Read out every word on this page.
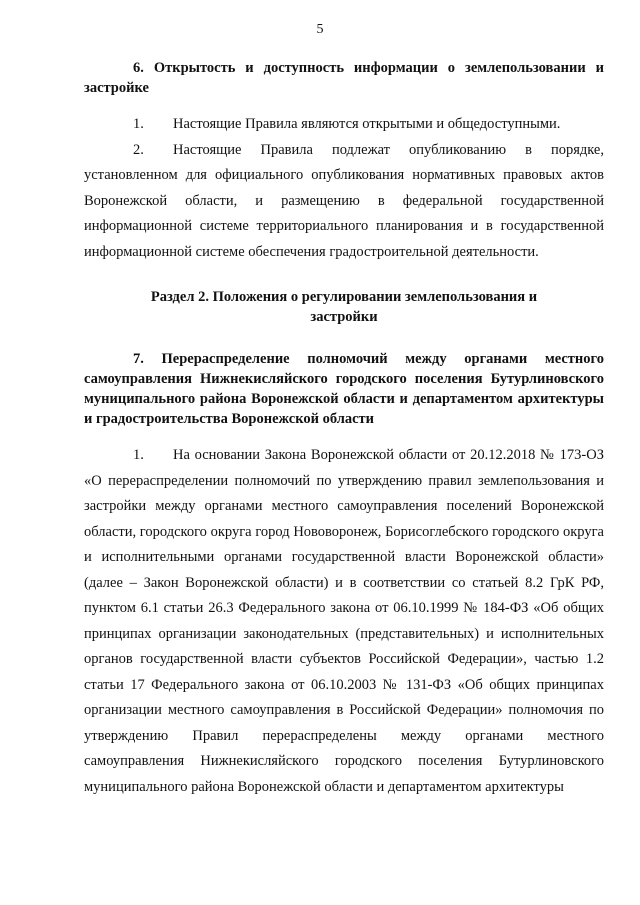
5

6. Открытость и доступность информации о землепользовании и застройке

1. Настоящие Правила являются открытыми и общедоступными.

2. Настоящие Правила подлежат опубликованию в порядке, установленном для официального опубликования нормативных правовых актов Воронежской области, и размещению в федеральной государственной информационной системе территориального планирования и в государственной информационной системе обеспечения градостроительной деятельности.

Раздел 2. Положения о регулировании землепользования и застройки

7. Перераспределение полномочий между органами местного самоуправления Нижнекисляйского городского поселения Бутурлиновского муниципального района Воронежской области и департаментом архитектуры и градостроительства Воронежской области

1. На основании Закона Воронежской области от 20.12.2018 № 173-ОЗ «О перераспределении полномочий по утверждению правил землепользования и застройки между органами местного самоуправления поселений Воронежской области, городского округа город Нововоронеж, Борисоглебского городского округа и исполнительными органами государственной власти Воронежской области» (далее – Закон Воронежской области) и в соответствии со статьей 8.2 ГрК РФ, пунктом 6.1 статьи 26.3 Федерального закона от 06.10.1999 № 184-ФЗ «Об общих принципах организации законодательных (представительных) и исполнительных органов государственной власти субъектов Российской Федерации», частью 1.2 статьи 17 Федерального закона от 06.10.2003 № 131-ФЗ «Об общих принципах организации местного самоуправления в Российской Федерации» полномочия по утверждению Правил перераспределены между органами местного самоуправления Нижнекисляйского городского поселения Бутурлиновского муниципального района Воронежской области и департаментом архитектуры
